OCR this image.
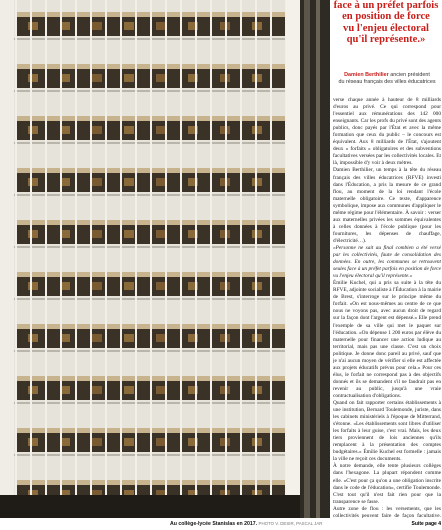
face à un préfet parfois
en position de force
vu l'enjeu électoral
qu'il représente.»
Damien Berthilier ancien président
du réseau français des villes éducatrices

verse chaque année à hauteur de 8 milliards d'euros au privé. Ce qui correspond pour l'essentiel aux rémunérations des 142 000 enseignants. Car les profs du privé sont des agents publics, donc payés par l'État et avec la même formation que ceux du public – le concours est équivalent. Aux 8 milliards de l'État, s'ajoutent deux « forfaits » obligatoires et des subventions facultatives versées par les collectivités locales. Et là, impossible d'y voir à deux mètres.

Damien Berthilier, un temps à la tête du réseau français des villes éducatrices (RFVE) investi dans l'Éducation, a pris la mesure de ce grand flou, au moment de la loi rendant l'école maternelle obligatoire. Ce texte, d'apparence symbolique, impose aux communes d'appliquer le même régime pour l'élémentaire. À savoir : verser aux maternelles privées les sommes équivalentes à celles données à l'école publique (pour les fournitures, les dépenses de chauffage, d'électricité…).

«Personne ne sait au final combien a été versé par les collectivités, faute de consolidation des données. En outre, les communes se retrouvent seules face à un préfet parfois en position de force vu l'enjeu électoral qu'il représente.»

Émilie Kuchel, qui a pris sa suite à la tête du RFVE, adjointe socialiste à l'Éducation à la mairie de Brest, s'interroge sur le principe même du forfait. «On est nous-mêmes au centre de ce que nous ne voyons pas, avec aucun droit de regard sur la façon dont l'argent est dépensé.» Elle prend l'exemple de sa ville qui met le paquet sur l'éducation. «On dépense 1 200 euros par élève du maternelle pour financer une action ludique au territorial, mais pas une classe. C'est un choix politique. Je donne donc pareil au privé, sauf que je n'ai aucun moyen de vérifier si elle est affectée aux projets éducatifs prévus pour cela.» Pour ces élus, le forfait ne correspond pas à des objectifs donnés et ils se demandent s'il ne faudrait pas en revenir au public, jusqu'à une vraie contractualisation d'obligations.

Quand on fait rapporter certains établissements à une institution, Bernard Toulemonde, juriste, dans les cabinets ministériels à l'époque de Mitterrand, s'étonne. «Les établissements sont libres d'utiliser les forfaits à leur guise, c'est vrai. Mais, les deux tiers proviennent de lois anciennes qu'ils remplacent à la présentation des comptes budgétaires.» Émilie Kuchel est formelle : jamais la ville ne reçoit ces documents.

À notre demande, elle tente plusieurs collèges dans l'hexagone. La plupart répondent comme elle. «C'est pour ça qu'on a une obligation inscrite dans le code de l'éducation», certifie Toulemonde. C'est tout qu'il n'est fait rien pour que la transparence se fasse.

Autre zone de flou : les versements, que les collectivités peuvent faire de façon facultative.

Au collège-lycée Stanislas en 2017. PHOTO V. DESIR, PASCAL JAR	Suite page 4
